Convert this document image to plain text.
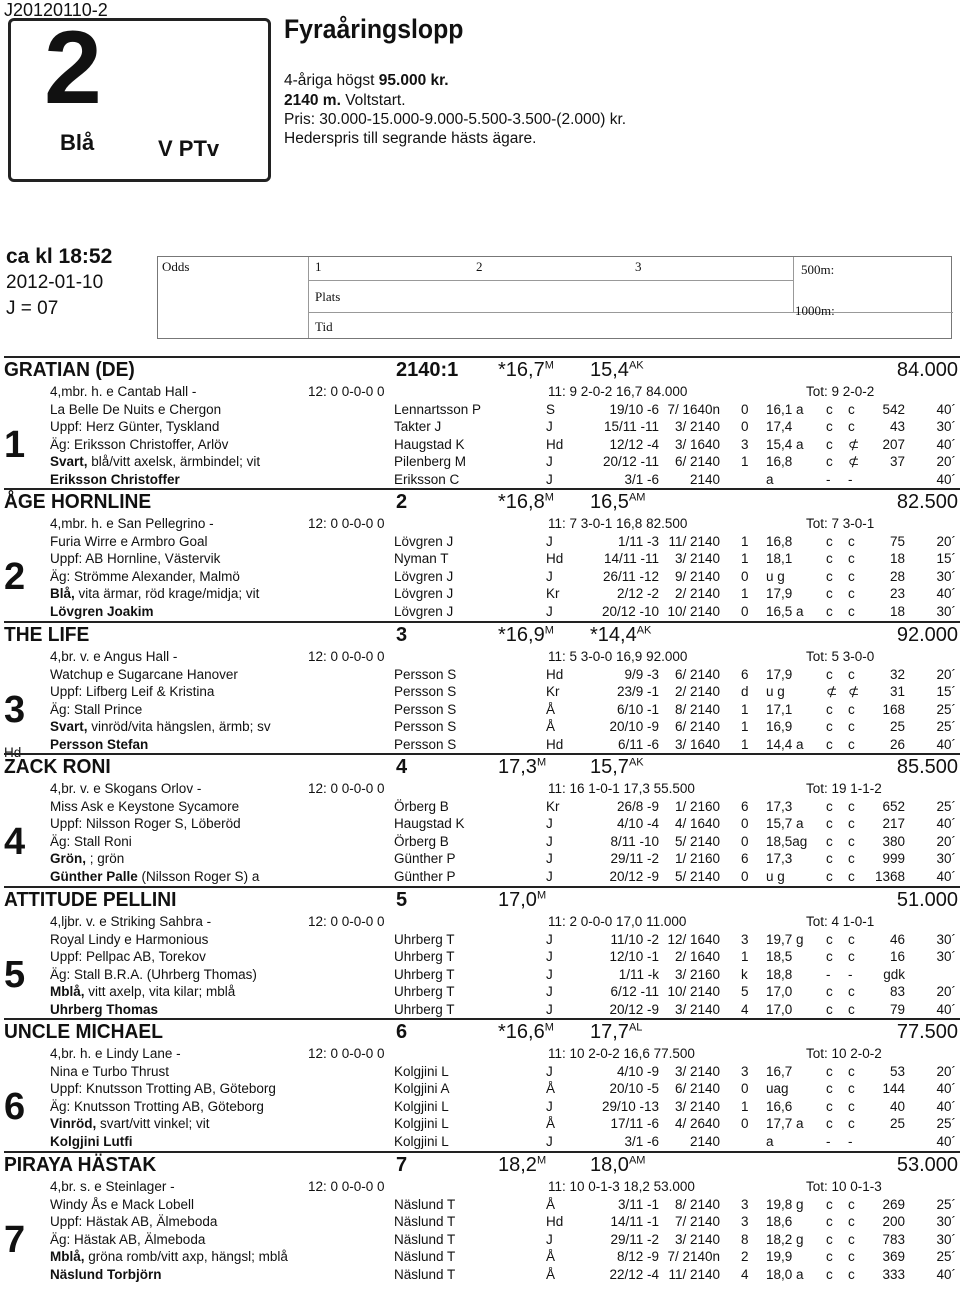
J20120110-2
2
Blå	V PTv
Fyraåringslopp
4-åriga högst 95.000 kr.
2140 m. Voltstart.
Pris: 30.000-15.000-9.000-5.500-3.500-(2.000) kr.
Hederspris till segrande hästs ägare.
ca kl 18:52
2012-01-10
J = 07
Odds	1	2	3	500m:
Plats
1000m:
Tid
GRATIAN (DE)	2140:1 $*16,7^M$ $15,4^{AK}$	84.000
4,mbr. h. e Cantab Hall -	12: 0 0-0-0 0	11: 9 2-0-2 16,7 84.000	Tot: 9 2-0-2
1
La Belle De Nuits e Chergon
Uppf: Herz Günter, Tyskland
Äg: Eriksson Christoffer, Arlöv
Svart, blå/vitt axelsk, ärmbindel; vit
Eriksson Christoffer
Lennartsson P	S	19/10 -6 7/ 1640n 0 16,1 a c c 542 40´
Takter J	J	15/11 -11 3/ 2140 0 17,4 c c	43 30´
Haugstad K	Hd	12/12 -4 3/ 1640 3 15,4 a c ⊄ 207 40´
Pilenberg M	J	20/12 -11 6/ 2140 1 16,8 c ⊄ 37 20´
Eriksson C	J	3/1 -6 2140	a	- -	40´
ÅGE HORNLINE	2	$*16,8^M$ $16,5^{AM}$	82.500
4,mbr. h. e San Pellegrino -	12: 0 0-0-0 0	11: 7 3-0-1 16,8 82.500	Tot: 7 3-0-1
2
Furia Wirre e Armbro Goal
Uppf: AB Hornline, Västervik
Äg: Strömme Alexander, Malmö
Blå, vita ärmar, röd krage/midja; vit
Lövgren Joakim
Lövgren J	J	1/11 -3 11/ 2140 1 16,8 c c	75 20´
Nyman T	Hd	14/11 -11 3/ 2140 1 18,1 c c	18 15´
Lövgren J	J	26/11 -12 9/ 2140 0 u g	c c	28 30´
Lövgren J	Kr	2/12 -2 2/ 2140 1 17,9 c c	23 40´
Lövgren J	J	20/12 -10 10/ 2140 0 16,5 a c c	18 30´
THE LIFE	3	$*16,9^M$ $*14,4^{AK}$	92.000
4,br. v. e Angus Hall -	12: 0 0-0-0 0	11: 5 3-0-0 16,9 92.000	Tot: 5 3-0-0
3
Hd
Watchup e Sugarcane Hanover
Uppf: Lifberg Leif & Kristina
Äg: Stall Prince
Svart, vinröd/vita hängslen, ärmb; sv
Persson Stefan
Persson S	Hd	9/9 -3 6/ 2140 6 17,9 c c	32 20´
Persson S	Kr	23/9 -1 2/ 2140 d u g	⊄ ⊄ 31 15´
Persson S	Å	6/10 -1 8/ 2140 1 17,1 c c 168 25´
Persson S	Å	20/10 -9 6/ 2140 1 16,9 c c	25 25´
Persson S	Hd	6/11 -6 3/ 1640 1 14,4 a c c	26 40´
ZACK RONI	4	$17,3^M$ $15,7^{AK}$	85.500
4,br. v. e Skogans Orlov -	12: 0 0-0-0 0	11: 16 1-0-1 17,3 55.500	Tot: 19 1-1-2
4
Miss Ask e Keystone Sycamore
Uppf: Nilsson Roger S, Löberöd
Äg: Stall Roni
Grön, ; grön
Günther Palle (Nilsson Roger S) a
Örberg B	Kr	26/8 -9 1/ 2160 6 17,3 c c 652 25´
Haugstad K	J	4/10 -4 4/ 1640 0 15,7 a c c 217 40´
Örberg B	J	8/11 -10 5/ 2140 0 18,5ag c c 380 20´
Günther P	J	29/11 -2 1/ 2160 6 17,3 c c 999 30´
Günther P	J	20/12 -9 5/ 2140 0 u g	c c 1368 40´
ATTITUDE PELLINI	5	$17,0^M$	51.000
4,ljbr. v. e Striking Sahbra -	12: 0 0-0-0 0	11: 2 0-0-0 17,0 11.000	Tot: 4 1-0-1
5
Royal Lindy e Harmonious
Uppf: Pellpac AB, Torekov
Äg: Stall B.R.A. (Uhrberg Thomas)
Mblå, vitt axelp, vita kilar; mblå
Uhrberg Thomas
Uhrberg T	J	11/10 -2 12/ 1640 3 19,7 g c c	46 30´
Uhrberg T	J	12/10 -1 2/ 1640 1 18,5 c c	16 30´
Uhrberg T	J	1/11 -k 3/ 2160 k 18,8 - - gdk
Uhrberg T	J	6/12 -11 10/ 2140 5 17,0 c c	83 20´
Uhrberg T	J	20/12 -9 3/ 2140 4 17,0 c c	79 40´
UNCLE MICHAEL	6	$*16,6^M$ $17,7^{AL}$	77.500
4,br. h. e Lindy Lane -	12: 0 0-0-0 0	11: 10 2-0-2 16,6 77.500	Tot: 10 2-0-2
6
Nina e Turbo Thrust
Uppf: Knutsson Trotting AB, Göteborg
Äg: Knutsson Trotting AB, Göteborg
Vinröd, svart/vitt vinkel; vit
Kolgjini Lutfi
Kolgjini L	J	4/10 -9 3/ 2140 3 16,7 c c	53 20´
Kolgjini A	Å	20/10 -5 6/ 2140 0 uag	c c 144 40´
Kolgjini L	J	29/10 -13 3/ 2140 1 16,6 c c	40 40´
Kolgjini L	Å	17/11 -6 4/ 2640 0 17,7 a c c	25 25´
Kolgjini L	J	3/1 -6 2140	a	- -	40´
PIRAYA HÄSTAK	7	$18,2^M$ $18,0^{AM}$	53.000
4,br. s. e Steinlager -	12: 0 0-0-0 0	11: 10 0-1-3 18,2 53.000	Tot: 10 0-1-3
7
Windy Ås e Mack Lobell
Uppf: Hästak AB, Älmeboda
Äg: Hästak AB, Älmeboda
Mblå, gröna romb/vitt axp, hängsl; mblå
Näslund Torbjörn
Näslund T	Å	3/11 -1 8/ 2140 3 19,8 g c c 269 25´
Näslund T	Hd	14/11 -1 7/ 2140 3 18,6 c c 200 30´
Näslund T	J	29/11 -2 3/ 2140 8 18,2 g c c 783 30´
Näslund T	Å	8/12 -9 7/ 2140n 2 19,9 c c 369 25´
Näslund T	Å	22/12 -4 11/ 2140 4 18,0 a c c 333 40´
